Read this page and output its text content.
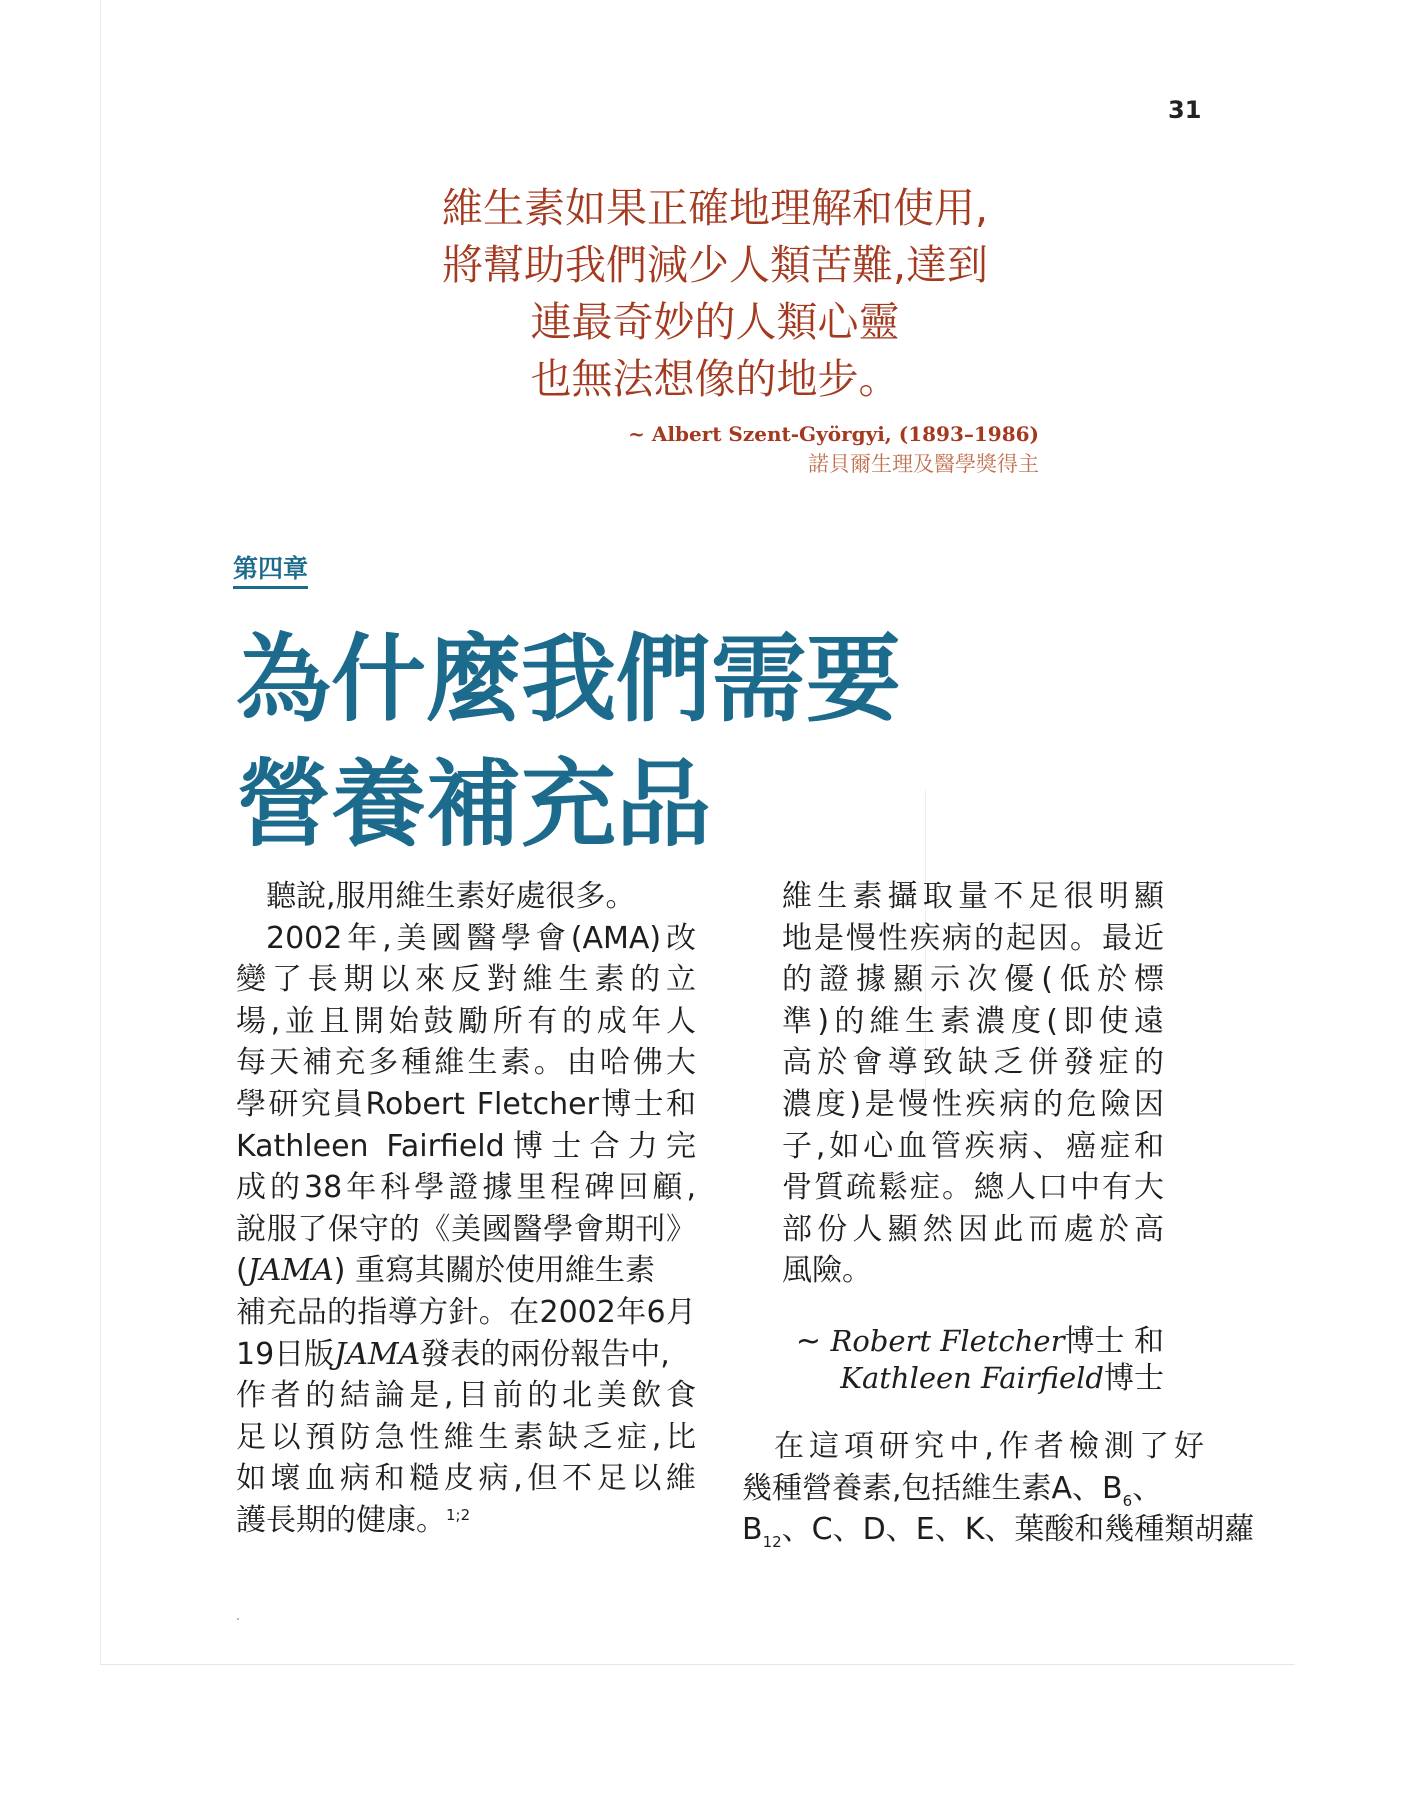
31
維生素如果正確地理解和使用,
將幫助我們減少人類苦難,達到
連最奇妙的人類心靈
也無法想像的地步。
~ Albert Szent-Györgyi, (1893–1986)
諾貝爾生理及醫學獎得主
第四章
為什麼我們需要
營養補充品
聽說,服用維生素好處很多。
2002年,美國醫學會(AMA)改
變了長期以來反對維生素的立
場,並且開始鼓勵所有的成年人
每天補充多種維生素。由哈佛大
學研究員Robert Fletcher博士和
Kathleen Fairfield博士合力完
成的38年科學證據里程碑回顧,
說服了保守的《美國醫學會期刊》
(JAMA) 重寫其關於使用維生素
補充品的指導方針。在2002年6月
19日版JAMA發表的兩份報告中,
作者的結論是,目前的北美飲食
足以預防急性維生素缺乏症,比
如壞血病和糙皮病,但不足以維
護長期的健康。$^{1;2}$
維生素攝取量不足很明顯
地是慢性疾病的起因。最近
的證據顯示次優(低於標
準)的維生素濃度(即使遠
高於會導致缺乏併發症的
濃度)是慢性疾病的危險因
子,如心血管疾病、癌症和
骨質疏鬆症。總人口中有大
部份人顯然因此而處於高
風險。
~ Robert Fletcher博士 和
Kathleen Fairfield博士
在這項研究中,作者檢測了好
幾種營養素,包括維生素A、$B_6$、
$B_{12}$、C、D、E、K、葉酸和幾種類胡蘿
